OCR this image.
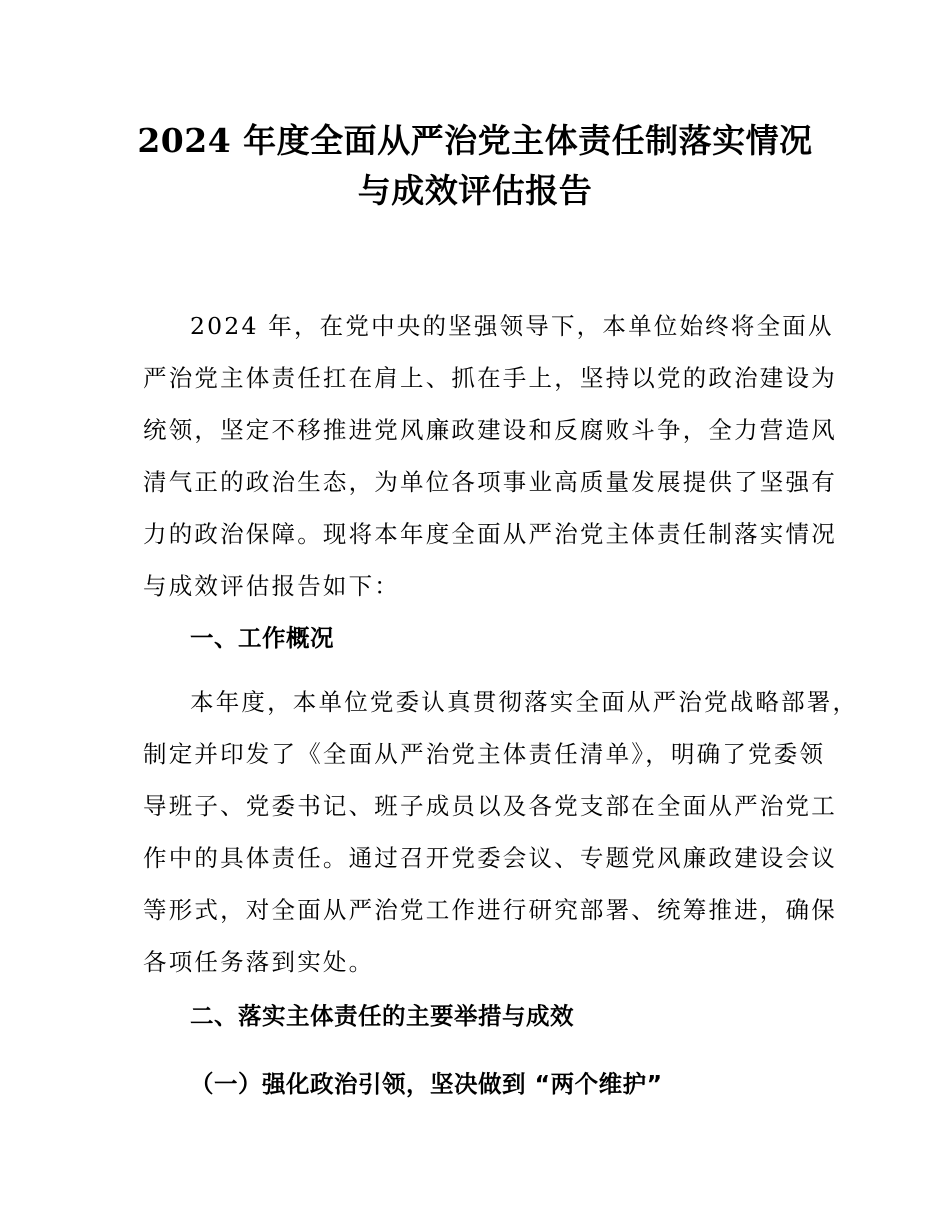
2024 年度全面从严治党主体责任制落实情况
与成效评估报告
2024 年，在党中央的坚强领导下，本单位始终将全面从
严治党主体责任扛在肩上、抓在手上，坚持以党的政治建设为
统领，坚定不移推进党风廉政建设和反腐败斗争，全力营造风
清气正的政治生态，为单位各项事业高质量发展提供了坚强有
力的政治保障。现将本年度全面从严治党主体责任制落实情况
与成效评估报告如下：
一、工作概况
本年度，本单位党委认真贯彻落实全面从严治党战略部署，
制定并印发了《全面从严治党主体责任清单》，明确了党委领
导班子、党委书记、班子成员以及各党支部在全面从严治党工
作中的具体责任。通过召开党委会议、专题党风廉政建设会议
等形式，对全面从严治党工作进行研究部署、统筹推进，确保
各项任务落到实处。
二、落实主体责任的主要举措与成效
（一）强化政治引领，坚决做到 “两个维护”
